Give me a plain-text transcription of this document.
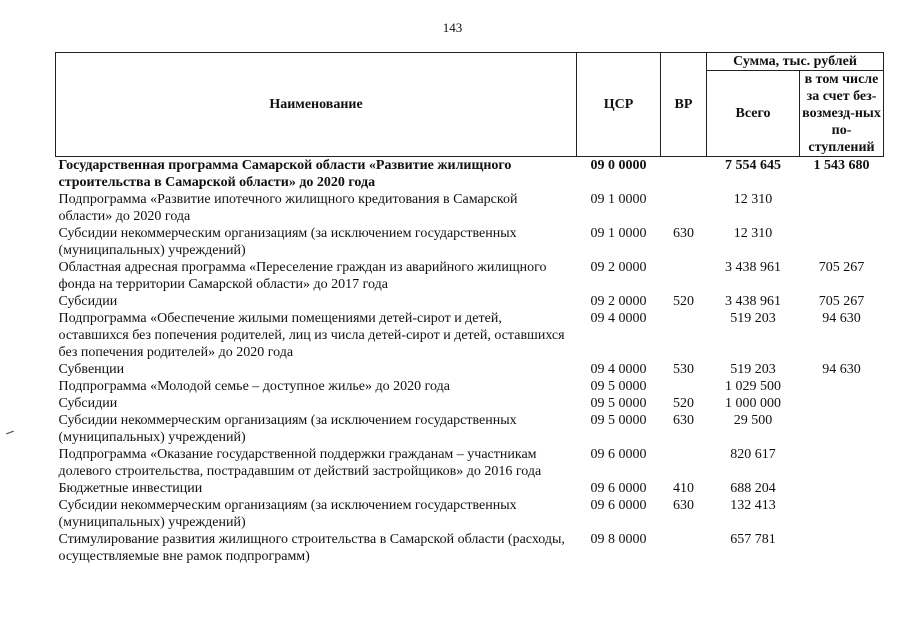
143
Наименование	ЦСР	ВР	Сумма, тыс. рублей	
			Всего	в том числе за счет без-возмезд-ных по-ступлений
Государственная программа Самарской области «Развитие жилищного строительства в Самарской области» до 2020 года	09 0 0000		7 554 645	1 543 680
Подпрограмма «Развитие ипотечного жилищного кредитования в Самарской области» до 2020 года	09 1 0000		12 310	
Субсидии некоммерческим организациям (за исключением государственных (муниципальных) учреждений)	09 1 0000	630	12 310	
Областная адресная программа «Переселение граждан из аварийного жилищного фонда на территории Самарской области» до 2017 года	09 2 0000		3 438 961	705 267
Субсидии	09 2 0000	520	3 438 961	705 267
Подпрограмма «Обеспечение жилыми помещениями детей-сирот и детей, оставшихся без попечения родителей, лиц из числа детей-сирот и детей, оставшихся без попечения родителей» до 2020 года	09 4 0000		519 203	94 630
Субвенции	09 4 0000	530	519 203	94 630
Подпрограмма «Молодой семье – доступное жилье» до 2020 года	09 5 0000		1 029 500	
Субсидии	09 5 0000	520	1 000 000	
Субсидии некоммерческим организациям (за исключением государственных (муниципальных) учреждений)	09 5 0000	630	29 500	
Подпрограмма «Оказание государственной поддержки гражданам – участникам долевого строительства, пострадавшим от действий застройщиков» до 2016 года	09 6 0000		820 617	
Бюджетные инвестиции	09 6 0000	410	688 204	
Субсидии некоммерческим организациям (за исключением государственных (муниципальных) учреждений)	09 6 0000	630	132 413	
Стимулирование развития жилищного строительства в Самарской области (расходы, осуществляемые вне рамок подпрограмм)	09 8 0000		657 781	
